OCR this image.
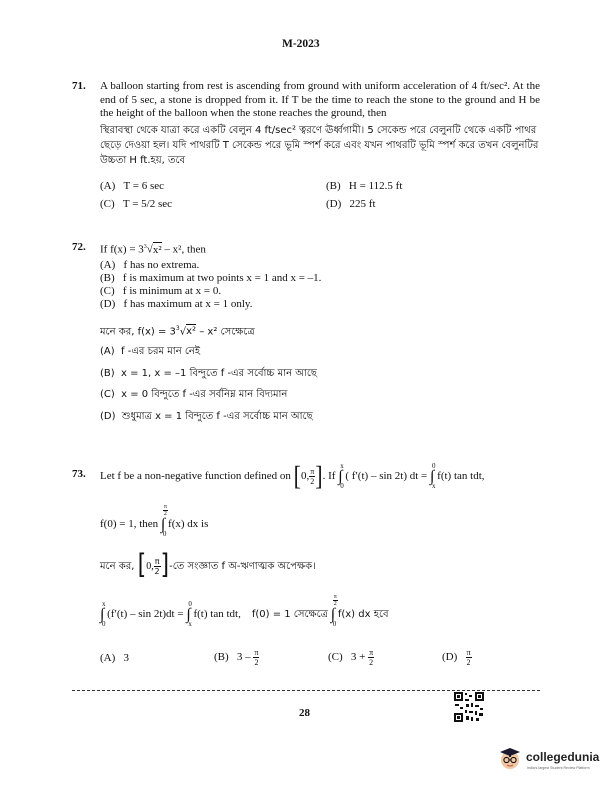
M-2023
71. A balloon starting from rest is ascending from ground with uniform acceleration of 4 ft/sec². At the end of 5 sec, a stone is dropped from it. If T be the time to reach the stone to the ground and H be the height of the balloon when the stone reaches the ground, then
স্থিরাবস্থা থেকে যাত্রা করে একটি বেলুন 4 ft/sec² ত্বরণে ঊর্ধ্বগামী। 5 সেকেন্ড পরে বেলুনটি থেকে একটি পাথর ছেড়ে দেওয়া হল। যদি পাথরটি T সেকেন্ড পরে ভূমি স্পর্শ করে এবং যখন পাথরটি ভূমি স্পর্শ করে তখন বেলুনটির উচ্চতা H ft.হয়, তবে
(A) T = 6 sec	(B) H = 112.5 ft
(C) T = 5/2 sec	(D) 225 ft
72. If $f(x) = 3^3√x^2 - x^2$, then
(A) f has no extrema.
(B) f is maximum at two points x = 1 and x = –1.
(C) f is minimum at x = 0.
(D) f has maximum at x = 1 only.
মনে কর, $f(x) = 3^3√x^2 - x^2$ সেক্ষেত্রে
(A) f -এর চরম মান নেই
(B) x = 1, x = –1 বিন্দুতে f -এর সর্বোচ্চ মান আছে
(C) x = 0 বিন্দুতে f -এর সর্বনিম্ন মান বিদ্যমান
(D) শুধুমাত্র x = 1 বিন্দুতে f -এর সর্বোচ্চ মান আছে
73. Let f be a non-negative function defined on
[ 0, $\frac{\pi}{2}$ ] . If
∫
x
0

( f′(t) – sin 2t) dt =
∫
0
x

f(t) tan tdt,
f(0) = 1, then
∫
$\frac{\pi}{2}$
0

f(x) dx is
মনে কর,
[ 0, $\frac{\pi}{2}$ ] -তে সংজ্ঞাত f অ-ঋণাত্মক অপেক্ষক।
∫
x
0

(f′(t) – sin 2t)dt =
∫
0
x

f(t) tan tdt,
f(0) = 1 সেক্ষেত্রে
∫
$\frac{\pi}{2}$
0

f(x) dx হবে
(A) 3	(B)
3 –
$\frac{\pi}{2}$	(C)
3 +
$\frac{\pi}{2}$	(D)
$\frac{\pi}{2}$
28
collegedunia
India's largest Student Review Platform
